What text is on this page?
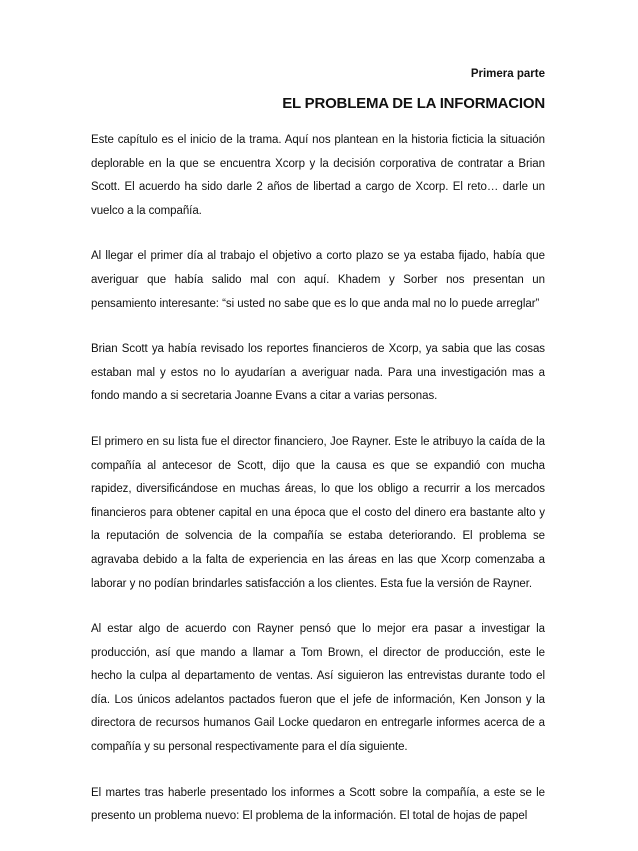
Primera parte
EL PROBLEMA DE LA INFORMACION

Este capítulo es el inicio de la trama. Aquí nos plantean en la historia ficticia la situación deplorable en la que se encuentra Xcorp y la decisión corporativa de contratar a Brian Scott. El acuerdo ha sido darle 2 años de libertad a cargo de Xcorp. El reto… darle un vuelco a la compañía.

Al llegar el primer día al trabajo el objetivo a corto plazo se ya estaba fijado, había que averiguar que había salido mal con aquí. Khadem y Sorber nos presentan un pensamiento interesante: “si usted no sabe que es lo que anda mal no lo puede arreglar”

Brian Scott ya había revisado los reportes financieros de Xcorp, ya sabia que las cosas estaban mal y estos no lo ayudarían a averiguar nada. Para una investigación mas a fondo mando a si secretaria Joanne Evans a citar a varias personas.

El primero en su lista fue el director financiero, Joe Rayner. Este le atribuyo la caída de la compañía al antecesor de Scott, dijo que la causa es que se expandió con mucha rapidez, diversificándose en muchas áreas, lo que los obligo a recurrir a los mercados financieros para obtener capital en una época que el costo del dinero era bastante alto y la reputación de solvencia de la compañía se estaba deteriorando. El problema se agravaba debido a la falta de experiencia en las áreas en las que Xcorp comenzaba a laborar y no podían brindarles satisfacción a los clientes. Esta fue la versión de Rayner.

Al estar algo de acuerdo con Rayner pensó que lo mejor era pasar a investigar la producción, así que mando a llamar a Tom Brown, el director de producción, este le hecho la culpa al departamento de ventas. Así siguieron las entrevistas durante todo el día. Los únicos adelantos pactados fueron que el jefe de información, Ken Jonson y la directora de recursos humanos Gail Locke quedaron en entregarle informes acerca de a compañía y su personal respectivamente para el día siguiente.

El martes tras haberle presentado los informes a Scott sobre la compañía, a este se le presento un problema nuevo: El problema de la información. El total de hojas de papel
